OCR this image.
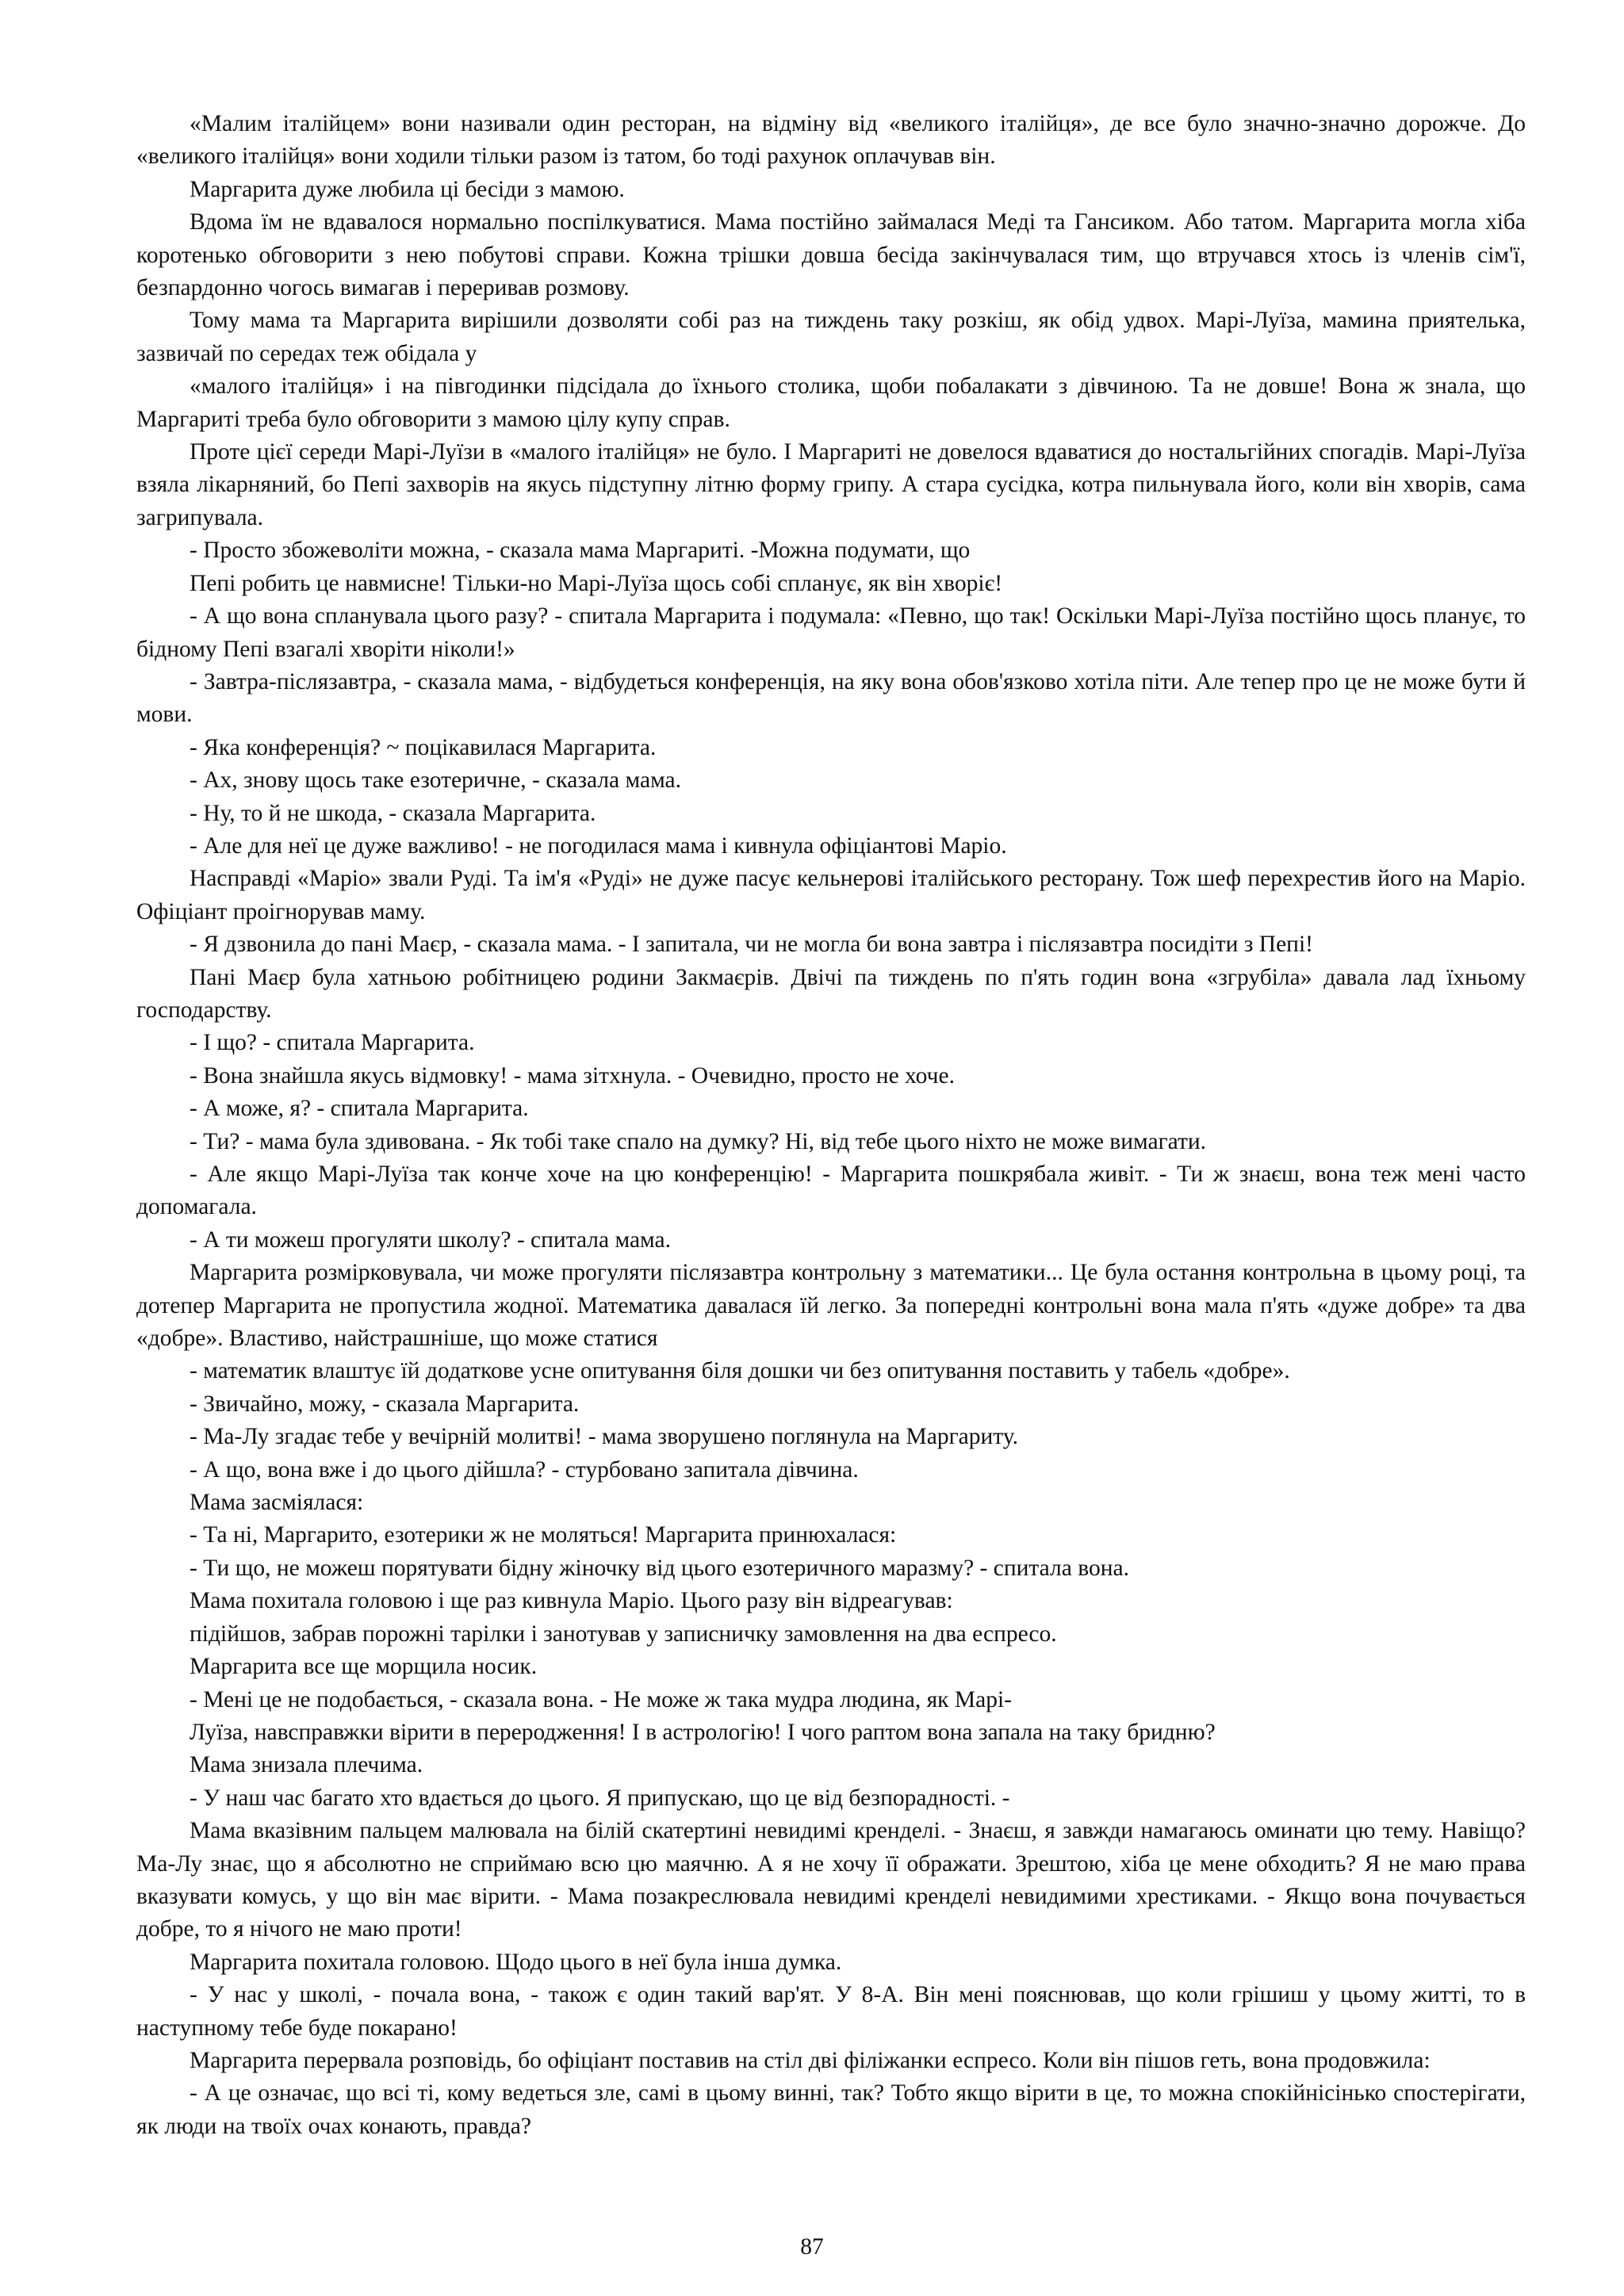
«Малим італійцем» вони називали один ресторан, на відміну від «великого італійця», де все було значно-значно дорожче. До «великого італійця» вони ходили тільки разом із татом, бо тоді рахунок оплачував він.

Маргарита дуже любила ці бесіди з мамою.

Вдома їм не вдавалося нормально поспілкуватися. Мама постійно займалася Меді та Гансиком. Або татом. Маргарита могла хіба коротенько обговорити з нею побутові справи. Кожна трішки довша бесіда закінчувалася тим, що втручався хтось із членів сім'ї, безпардонно чогось вимагав і переривав розмову.

Тому мама та Маргарита вирішили дозволяти собі раз на тиждень таку розкіш, як обід удвох. Марі-Луїза, мамина приятелька, зазвичай по середах теж обідала у

«малого італійця» і на півгодинки підсідала до їхнього столика, щоби побалакати з дівчиною. Та не довше! Вона ж знала, що Маргариті треба було обговорити з мамою цілу купу справ.

Проте цієї середи Марі-Луїзи в «малого італійця» не було. І Маргариті не довелося вдаватися до ностальгійних спогадів. Марі-Луїза взяла лікарняний, бо Пепі захворів на якусь підступну літню форму грипу. А стара сусідка, котра пильнувала його, коли він хворів, сама загрипувала.

- Просто збожеволіти можна, - сказала мама Маргариті. -Можна подумати, що

Пепі робить це навмисне! Тільки-но Марі-Луїза щось собі спланує, як він хворіє!

- А що вона спланувала цього разу? - спитала Маргарита і подумала: «Певно, що так! Оскільки Марі-Луїза постійно щось планує, то бідному Пепі взагалі хворіти ніколи!»

- Завтра-післязавтра, - сказала мама, - відбудеться конференція, на яку вона обов'язково хотіла піти. Але тепер про це не може бути й мови.

- Яка конференція? ~ поцікавилася Маргарита.

- Ах, знову щось таке езотеричне, - сказала мама.

- Ну, то й не шкода, - сказала Маргарита.

- Але для неї це дуже важливо! - не погодилася мама і кивнула офіціантові Маріо.

Насправді «Маріо» звали Руді. Та ім'я «Руді» не дуже пасує кельнерові італійського ресторану. Тож шеф перехрестив його на Маріо. Офіціант проігнорував маму.

- Я дзвонила до пані Маєр, - сказала мама. - І запитала, чи не могла би вона завтра і післязавтра посидіти з Пепі!

Пані Маєр була хатньою робітницею родини Закмаєрів. Двічі па тиждень по п'ять годин вона «згрубіла» давала лад їхньому господарству.

- І що? - спитала Маргарита.

- Вона знайшла якусь відмовку! - мама зітхнула. - Очевидно, просто не хоче.

- А може, я? - спитала Маргарита.

- Ти? - мама була здивована. - Як тобі таке спало на думку? Ні, від тебе цього ніхто не може вимагати.

- Але якщо Марі-Луїза так конче хоче на цю конференцію! - Маргарита пошкрябала живіт. - Ти ж знаєш, вона теж мені часто допомагала.

- А ти можеш прогуляти школу? - спитала мама.

Маргарита розмірковувала, чи може прогуляти післязавтра контрольну з математики... Це була остання контрольна в цьому році, та дотепер Маргарита не пропустила жодної. Математика давалася їй легко. За попередні контрольні вона мала п'ять «дуже добре» та два «добре». Властиво, найстрашніше, що може статися

- математик влаштує їй додаткове усне опитування біля дошки чи без опитування поставить у табель «добре».

- Звичайно, можу, - сказала Маргарита.

- Ма-Лу згадає тебе у вечірній молитві! - мама зворушено поглянула на Маргариту.

- А що, вона вже і до цього дійшла? - стурбовано запитала дівчина.

Мама засміялася:

- Та ні, Маргарито, езотерики ж не моляться! Маргарита принюхалася:

- Ти що, не можеш порятувати бідну жіночку від цього езотеричного маразму? - спитала вона.

Мама похитала головою і ще раз кивнула Маріо. Цього разу він відреагував:

підійшов, забрав порожні тарілки і занотував у записничку замовлення на два еспресо.

Маргарита все ще морщила носик.

- Мені це не подобається, - сказала вона. - Не може ж така мудра людина, як Марі-

Луїза, навсправжки вірити в переродження! І в астрологію! І чого раптом вона запала на таку бридню?

Мама знизала плечима.

- У наш час багато хто вдається до цього. Я припускаю, що це від безпорадності. -

Мама вказівним пальцем малювала на білій скатертині невидимі кренделі. - Знаєш, я завжди намагаюсь оминати цю тему. Навіщо? Ма-Лу знає, що я абсолютно не сприймаю всю цю маячню. А я не хочу її ображати. Зрештою, хіба це мене обходить? Я не маю права вказувати комусь, у що він має вірити. - Мама позакреслювала невидимі кренделі невидимими хрестиками. - Якщо вона почувається добре, то я нічого не маю проти!

Маргарита похитала головою. Щодо цього в неї була інша думка.

- У нас у школі, - почала вона, - також є один такий вар'ят. У 8-А. Він мені пояснював, що коли грішиш у цьому житті, то в наступному тебе буде покарано!

Маргарита перервала розповідь, бо офіціант поставив на стіл дві філіжанки еспресо. Коли він пішов геть, вона продовжила:

- А це означає, що всі ті, кому ведеться зле, самі в цьому винні, так? Тобто якщо вірити в це, то можна спокійнісінько спостерігати, як люди на твоїх очах конають, правда?

87
